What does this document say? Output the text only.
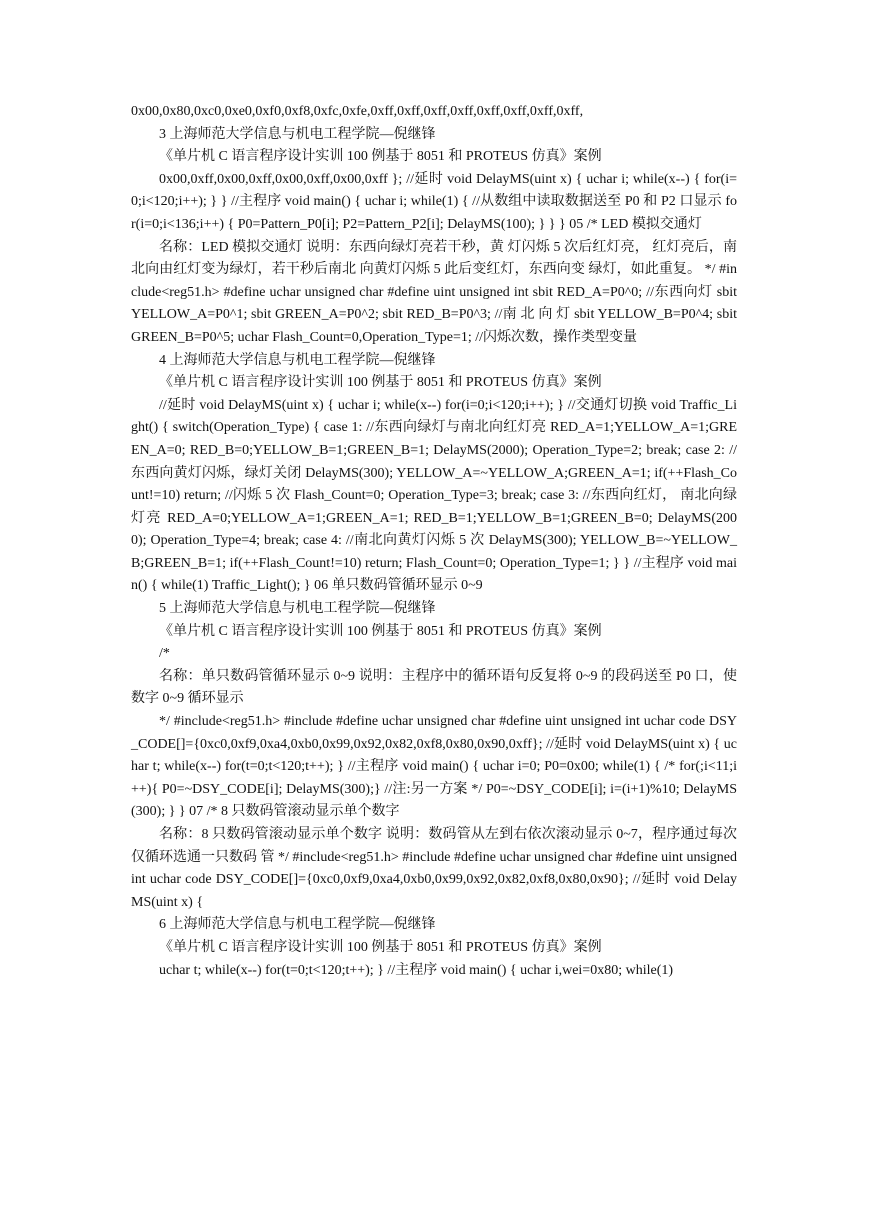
0x00,0x80,0xc0,0xe0,0xf0,0xf8,0xfc,0xfe,0xff,0xff,0xff,0xff,0xff,0xff,0xff,0xff,

3 上海师范大学信息与机电工程学院—倪继锋

《单片机 C 语言程序设计实训 100 例基于 8051 和 PROTEUS 仿真》案例

0x00,0xff,0x00,0xff,0x00,0xff,0x00,0xff }; //延时 void DelayMS(uint x) { uchar i; while(x--) { for(i=0;i<120;i++); } } //主程序 void main() { uchar i; while(1) { //从数组中读取数据送至 P0 和 P2 口显示 for(i=0;i<136;i++) { P0=Pattern_P0[i]; P2=Pattern_P2[i]; DelayMS(100); } } } 05 /* LED 模拟交通灯

名称：LED 模拟交通灯 说明：东西向绿灯亮若干秒，黄 灯闪烁 5 次后红灯亮， 红灯亮后，南 北向由红灯变为绿灯，若干秒后南北 向黄灯闪烁 5 此后变红灯，东西向变 绿灯，如此重复。 */ #include<reg51.h> #define uchar unsigned char #define uint unsigned int sbit RED_A=P0^0; //东西向灯 sbit YELLOW_A=P0^1; sbit GREEN_A=P0^2; sbit RED_B=P0^3; //南 北 向 灯 sbit YELLOW_B=P0^4; sbit GREEN_B=P0^5; uchar Flash_Count=0,Operation_Type=1; //闪烁次数，操作类型变量

4 上海师范大学信息与机电工程学院—倪继锋

《单片机 C 语言程序设计实训 100 例基于 8051 和 PROTEUS 仿真》案例

//延时 void DelayMS(uint x) { uchar i; while(x--) for(i=0;i<120;i++); } //交通灯切换 void Traffic_Light() { switch(Operation_Type) { case 1: //东西向绿灯与南北向红灯亮 RED_A=1;YELLOW_A=1;GREEN_A=0; RED_B=0;YELLOW_B=1;GREEN_B=1; DelayMS(2000); Operation_Type=2; break; case 2: //东西向黄灯闪烁，绿灯关闭 DelayMS(300); YELLOW_A=~YELLOW_A;GREEN_A=1; if(++Flash_Count!=10) return; //闪烁 5 次 Flash_Count=0; Operation_Type=3; break; case 3: //东西向红灯， 南北向绿灯亮 RED_A=0;YELLOW_A=1;GREEN_A=1; RED_B=1;YELLOW_B=1;GREEN_B=0; DelayMS(2000); Operation_Type=4; break; case 4: //南北向黄灯闪烁 5 次 DelayMS(300); YELLOW_B=~YELLOW_B;GREEN_B=1; if(++Flash_Count!=10) return; Flash_Count=0; Operation_Type=1; } } //主程序 void main() { while(1) Traffic_Light(); } 06 单只数码管循环显示 0~9

5 上海师范大学信息与机电工程学院—倪继锋

《单片机 C 语言程序设计实训 100 例基于 8051 和 PROTEUS 仿真》案例

/*

名称：单只数码管循环显示 0~9 说明：主程序中的循环语句反复将 0~9 的段码送至 P0 口，使数字 0~9 循环显示

*/ #include<reg51.h> #include #define uchar unsigned char #define uint unsigned int uchar code DSY_CODE[]={0xc0,0xf9,0xa4,0xb0,0x99,0x92,0x82,0xf8,0x80,0x90,0xff}; //延时 void DelayMS(uint x) { uchar t; while(x--) for(t=0;t<120;t++); } //主程序 void main() { uchar i=0; P0=0x00; while(1) { /* for(;i<11;i++){ P0=~DSY_CODE[i]; DelayMS(300);} //注:另一方案 */ P0=~DSY_CODE[i]; i=(i+1)%10; DelayMS(300); } } 07 /* 8 只数码管滚动显示单个数字

名称：8 只数码管滚动显示单个数字 说明：数码管从左到右依次滚动显示 0~7，程序通过每次仅循环选通一只数码 管 */ #include<reg51.h> #include #define uchar unsigned char #define uint unsigned int uchar code DSY_CODE[]={0xc0,0xf9,0xa4,0xb0,0x99,0x92,0x82,0xf8,0x80,0x90}; //延时 void DelayMS(uint x) {

6 上海师范大学信息与机电工程学院—倪继锋

《单片机 C 语言程序设计实训 100 例基于 8051 和 PROTEUS 仿真》案例

uchar t; while(x--) for(t=0;t<120;t++); } //主程序 void main() { uchar i,wei=0x80; while(1)
